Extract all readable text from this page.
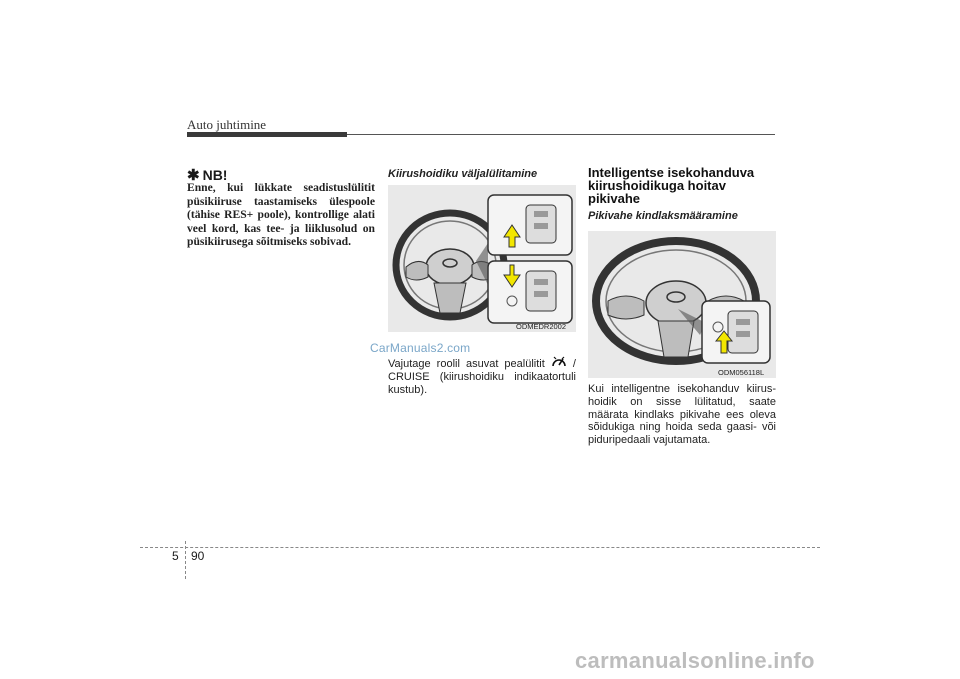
Auto juhtimine
✱ NB!
Enne, kui lükkate seadistuslülitit püsikiiruse taastamiseks ülespoole (tähise RES+ poole), kontrollige alati veel kord, kas tee- ja liiklusolud on püsikiirusega sõitmiseks sobivad.
Kiirushoidiku väljalülitamine
ODMEDR2002
Vajutage roolil asuvat pealülitit	/ CRUISE (kiirushoidiku indikaatortuli kustub).
Intelligentse isekohanduva kiirushoidikuga hoitav pikivahe
Pikivahe kindlaksmääramine
ODM056118L
Kui intelligentne isekohanduv kiirus-hoidik on sisse lülitatud, saate määrata kindlaks pikivahe ees oleva sõidukiga ning hoida seda gaasi- või piduripedaali vajutamata.
CarManuals2.com
5 90
carmanualsonline.info
